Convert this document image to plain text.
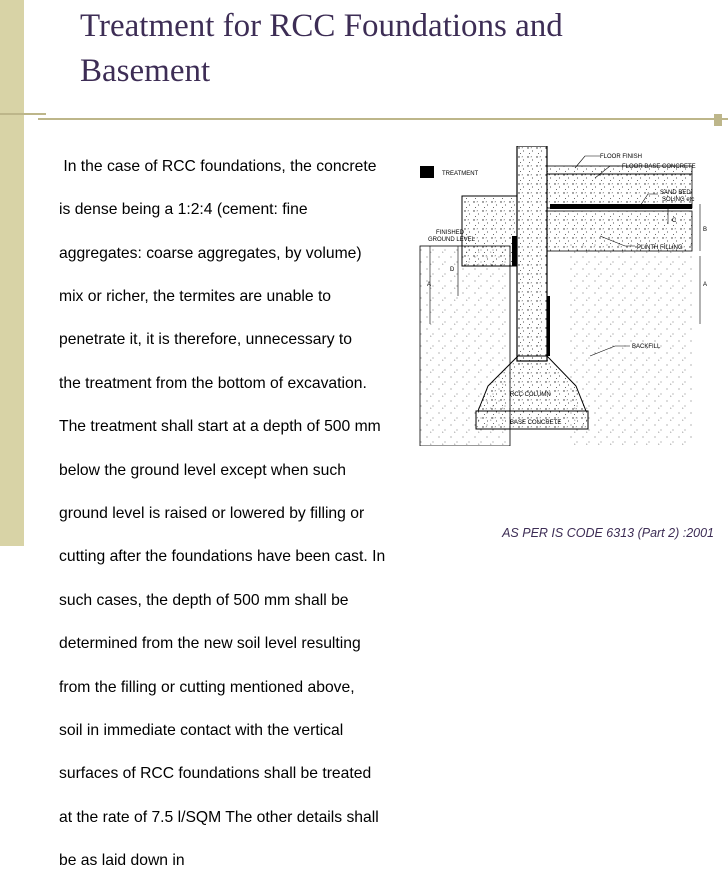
Treatment for RCC Foundations and Basement

In the case of RCC foundations, the concrete

is dense being a 1:2:4 (cement: fine

aggregates: coarse aggregates, by volume)

mix or richer, the termites are unable to

penetrate it, it is therefore, unnecessary to

the treatment from the bottom of excavation.

The treatment shall start at a depth of 500 mm

below the ground level except when such

ground level is raised or lowered by filling or

cutting after the foundations have been cast. In

such cases, the depth of 500 mm shall be

determined from the new soil level resulting

from the filling or cutting mentioned above,

soil in immediate contact with the vertical

surfaces of RCC foundations shall be treated

at the rate of 7.5 l/SQM The other details shall

be as laid down in

TREATMENT
FLOOR FINISH
FLOOR BASE CONCRETE
SAND BED/
SOLING etc
FINISHED
GROUND LEVEL
PLINTH FILLING
BACKFILL
RCC COLUMN
BASE CONCRETE
A
D
C
B
A

AS PER IS CODE 6313 (Part 2) :2001
